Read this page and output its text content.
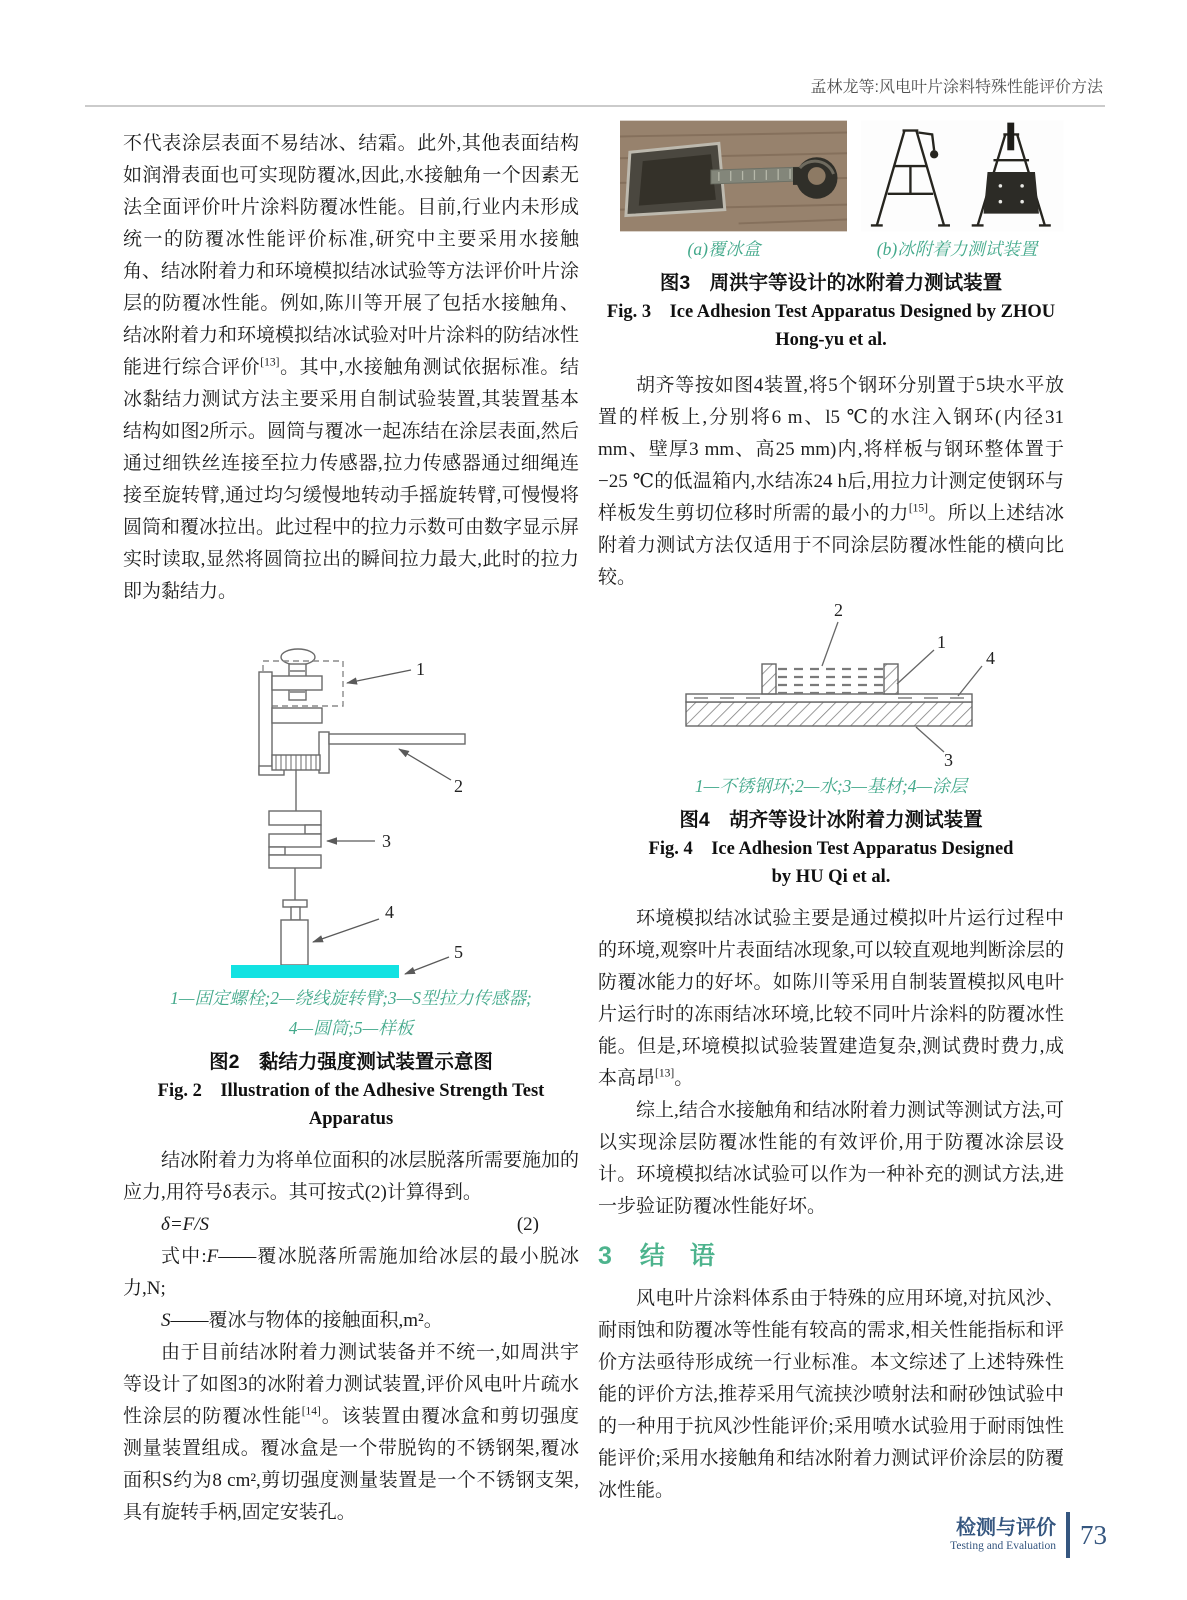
孟林龙等:风电叶片涂料特殊性能评价方法

不代表涂层表面不易结冰、结霜。此外,其他表面结构如润滑表面也可实现防覆冰,因此,水接触角一个因素无法全面评价叶片涂料防覆冰性能。目前,行业内未形成统一的防覆冰性能评价标准,研究中主要采用水接触角、结冰附着力和环境模拟结冰试验等方法评价叶片涂层的防覆冰性能。例如,陈川等开展了包括水接触角、结冰附着力和环境模拟结冰试验对叶片涂料的防结冰性能进行综合评价[13]。其中,水接触角测试依据标准。结冰黏结力测试方法主要采用自制试验装置,其装置基本结构如图2所示。圆筒与覆冰一起冻结在涂层表面,然后通过细铁丝连接至拉力传感器,拉力传感器通过细绳连接至旋转臂,通过均匀缓慢地转动手摇旋转臂,可慢慢将圆筒和覆冰拉出。此过程中的拉力示数可由数字显示屏实时读取,显然将圆筒拉出的瞬间拉力最大,此时的拉力即为黏结力。

1
2
3
4
5
1—固定螺栓;2—绕线旋转臂;3—S型拉力传感器;
4—圆筒;5—样板
图2　黏结力强度测试装置示意图
Fig. 2　Illustration of the Adhesive Strength Test Apparatus

结冰附着力为将单位面积的冰层脱落所需要施加的应力,用符号δ表示。其可按式(2)计算得到。

δ=F/S	(2)

式中:F——覆冰脱落所需施加给冰层的最小脱冰力,N;

S——覆冰与物体的接触面积,m²。

由于目前结冰附着力测试装备并不统一,如周洪宇等设计了如图3的冰附着力测试装置,评价风电叶片疏水性涂层的防覆冰性能[14]。该装置由覆冰盒和剪切强度测量装置组成。覆冰盒是一个带脱钩的不锈钢架,覆冰面积S约为8 cm²,剪切强度测量装置是一个不锈钢支架,具有旋转手柄,固定安装孔。

(a)覆冰盒	(b)冰附着力测试装置
图3　周洪宇等设计的冰附着力测试装置
Fig. 3　Ice Adhesion Test Apparatus Designed by ZHOU
Hong-yu et al.

胡齐等按如图4装置,将5个钢环分别置于5块水平放置的样板上,分别将6 m、l5 ℃的水注入钢环(内径31 mm、壁厚3 mm、高25 mm)内,将样板与钢环整体置于−25 ℃的低温箱内,水结冻24 h后,用拉力计测定使钢环与样板发生剪切位移时所需的最小的力[15]。所以上述结冰附着力测试方法仅适用于不同涂层防覆冰性能的横向比较。

2
1
4
3
1—不锈钢环;2—水;3—基材;4—涂层
图4　胡齐等设计冰附着力测试装置
Fig. 4　Ice Adhesion Test Apparatus Designed
by HU Qi et al.

环境模拟结冰试验主要是通过模拟叶片运行过程中的环境,观察叶片表面结冰现象,可以较直观地判断涂层的防覆冰能力的好坏。如陈川等采用自制装置模拟风电叶片运行时的冻雨结冰环境,比较不同叶片涂料的防覆冰性能。但是,环境模拟试验装置建造复杂,测试费时费力,成本高昂[13]。

综上,结合水接触角和结冰附着力测试等测试方法,可以实现涂层防覆冰性能的有效评价,用于防覆冰涂层设计。环境模拟结冰试验可以作为一种补充的测试方法,进一步验证防覆冰性能好坏。

3 结　语

风电叶片涂料体系由于特殊的应用环境,对抗风沙、耐雨蚀和防覆冰等性能有较高的需求,相关性能指标和评价方法亟待形成统一行业标准。本文综述了上述特殊性能的评价方法,推荐采用气流挟沙喷射法和耐砂蚀试验中的一种用于抗风沙性能评价;采用喷水试验用于耐雨蚀性能评价;采用水接触角和结冰附着力测试评价涂层的防覆冰性能。

检测与评价
Testing and Evaluation 73
